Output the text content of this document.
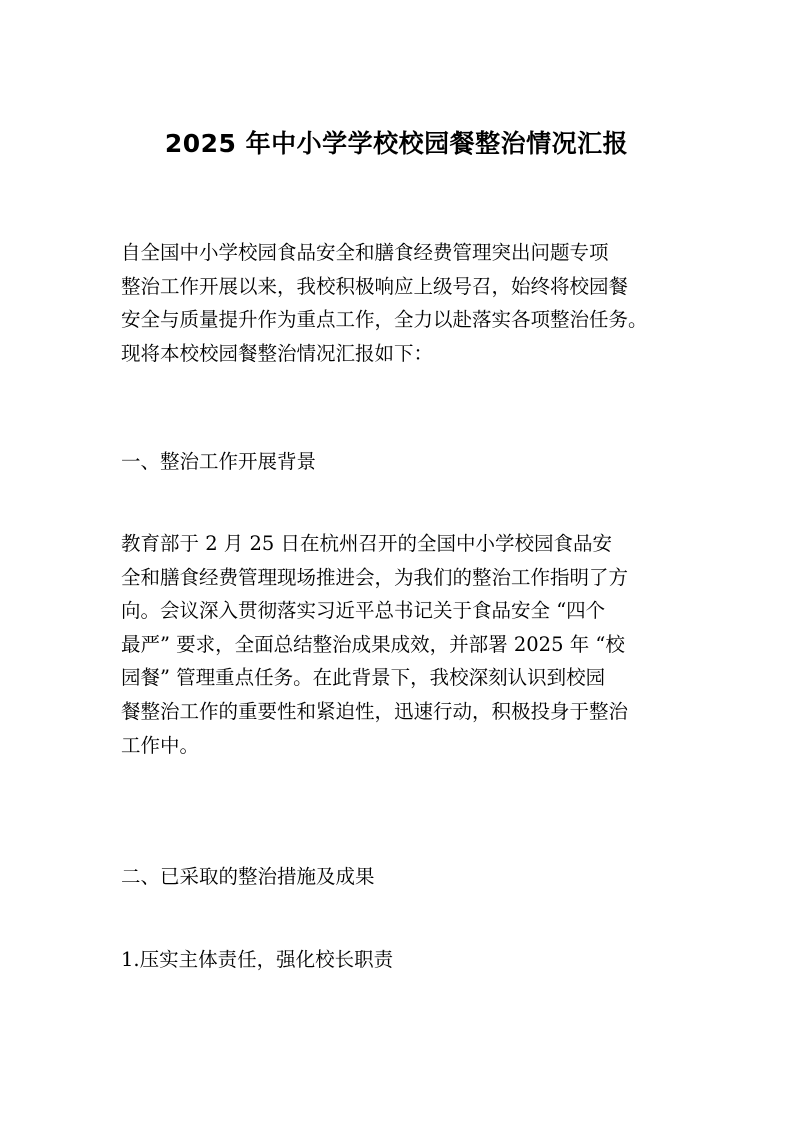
2025 年中小学学校校园餐整治情况汇报
自全国中小学校园食品安全和膳食经费管理突出问题专项
整治工作开展以来，我校积极响应上级号召，始终将校园餐
安全与质量提升作为重点工作，全力以赴落实各项整治任务。
现将本校校园餐整治情况汇报如下：

一、整治工作开展背景

教育部于 2 月 25 日在杭州召开的全国中小学校园食品安
全和膳食经费管理现场推进会，为我们的整治工作指明了方
向。会议深入贯彻落实习近平总书记关于食品安全 “四个
最严” 要求，全面总结整治成果成效，并部署 2025 年 “校
园餐” 管理重点任务。在此背景下，我校深刻认识到校园
餐整治工作的重要性和紧迫性，迅速行动，积极投身于整治
工作中。

二、已采取的整治措施及成果

1.压实主体责任，强化校长职责
